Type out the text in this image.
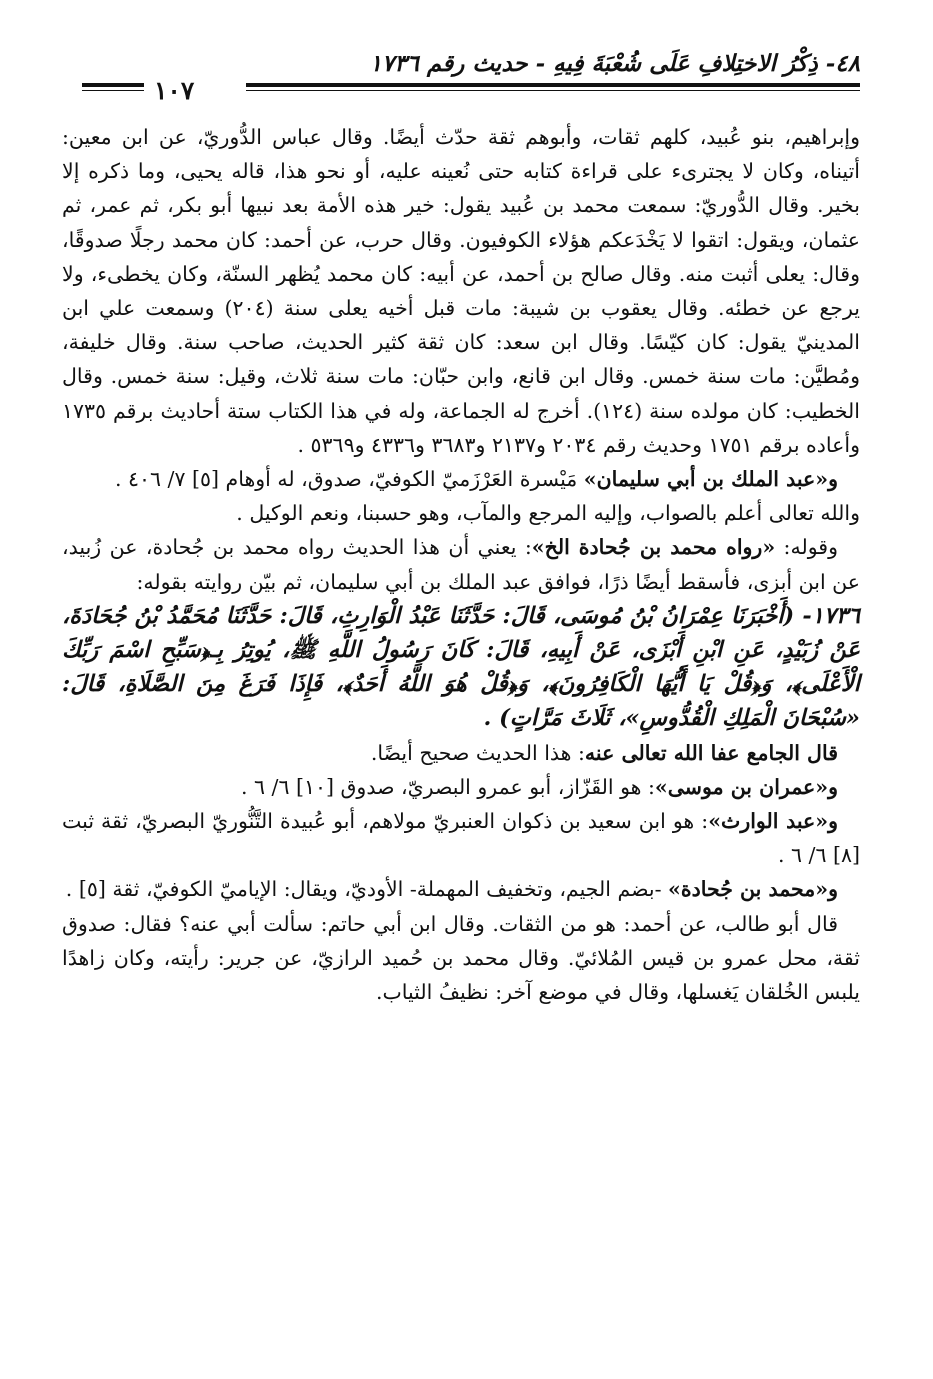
٤٨- ذِكْرُ الاختِلافِ عَلَى شُعْبَةَ فِيهِ - حديث رقم ١٧٣٦
١٠٧

وإبراهيم، بنو عُبيد، كلهم ثقات، وأبوهم ثقة حدّث أيضًا. وقال عباس الدُّوريّ، عن ابن معين: أتيناه، وكان لا يجترىء على قراءة كتابه حتى نُعينه عليه، أو نحو هذا، قاله يحيى، وما ذكره إلا بخير. وقال الدُّوريّ: سمعت محمد بن عُبيد يقول: خير هذه الأمة بعد نبيها أبو بكر، ثم عمر، ثم عثمان، ويقول: اتقوا لا يَخْدَعكم هؤلاء الكوفيون. وقال حرب، عن أحمد: كان محمد رجلًا صدوقًا، وقال: يعلى أثبت منه. وقال صالح بن أحمد، عن أبيه: كان محمد يُظهر السنّة، وكان يخطىء، ولا يرجع عن خطئه. وقال يعقوب بن شيبة: مات قبل أخيه يعلى سنة (٢٠٤) وسمعت علي ابن المدينيّ يقول: كان كيّسًا. وقال ابن سعد: كان ثقة كثير الحديث، صاحب سنة. وقال خليفة، ومُطيَّن: مات سنة خمس. وقال ابن قانع، وابن حبّان: مات سنة ثلاث، وقيل: سنة خمس. وقال الخطيب: كان مولده سنة (١٢٤). أخرج له الجماعة، وله في هذا الكتاب ستة أحاديث برقم ١٧٣٥ وأعاده برقم ١٧٥١ وحديث رقم ٢٠٣٤ و٢١٣٧ و٣٦٨٣ و٤٣٣٦ و٥٣٦٩ .

و«عبد الملك بن أبي سليمان» مَيْسرة العَرْزَميّ الكوفيّ، صدوق، له أوهام [٥] ٧/ ٤٠٦ .

والله تعالى أعلم بالصواب، وإليه المرجع والمآب، وهو حسبنا، ونعم الوكيل .

وقوله: «رواه محمد بن جُحادة الخ»: يعني أن هذا الحديث رواه محمد بن جُحادة، عن زُبيد، عن ابن أبزى، فأسقط أيضًا ذرًا، فوافق عبد الملك بن أبي سليمان، ثم بيّن روايته بقوله:

١٧٣٦- (أَخْبَرَنَا عِمْرَانُ بْنُ مُوسَى، قَالَ: حَدَّثَنَا عَبْدُ الْوَارِثِ، قَالَ: حَدَّثَنَا مُحَمَّدُ بْنُ جُحَادَةَ، عَنْ زُبَيْدٍ، عَنِ ابْنِ أَبْزَى، عَنْ أَبِيهِ، قَالَ: كَانَ رَسُولُ اللَّهِ ﷺ، يُوتِرُ بِـ﴿سَبِّحِ اسْمَ رَبِّكَ الْأَعْلَى﴾، وَ﴿قُلْ يَا أَيُّهَا الْكَافِرُونَ﴾، وَ﴿قُلْ هُوَ اللَّهُ أَحَدٌ﴾، فَإِذَا فَرَغَ مِنَ الصَّلَاةِ، قَالَ: «سُبْحَانَ الْمَلِكِ الْقُدُّوسِ»، ثَلَاثَ مَرَّاتٍ) .

قال الجامع عفا الله تعالى عنه: هذا الحديث صحيح أيضًا.

و«عمران بن موسى»: هو القَزّاز، أبو عمرو البصريّ، صدوق [١٠] ٦/ ٦ .

و«عبد الوارث»: هو ابن سعيد بن ذكوان العنبريّ مولاهم، أبو عُبيدة التَّنُّوريّ البصريّ، ثقة ثبت [٨] ٦/ ٦ .

و«محمد بن جُحادة» -بضم الجيم، وتخفيف المهملة- الأوديّ، ويقال: الإياميّ الكوفيّ، ثقة [٥] .

قال أبو طالب، عن أحمد: هو من الثقات. وقال ابن أبي حاتم: سألت أبي عنه؟ فقال: صدوق ثقة، محل عمرو بن قيس المُلائيّ. وقال محمد بن حُميد الرازيّ، عن جرير: رأيته، وكان زاهدًا يلبس الخُلقان يَغسلها، وقال في موضع آخر: نظيفُ الثياب.
